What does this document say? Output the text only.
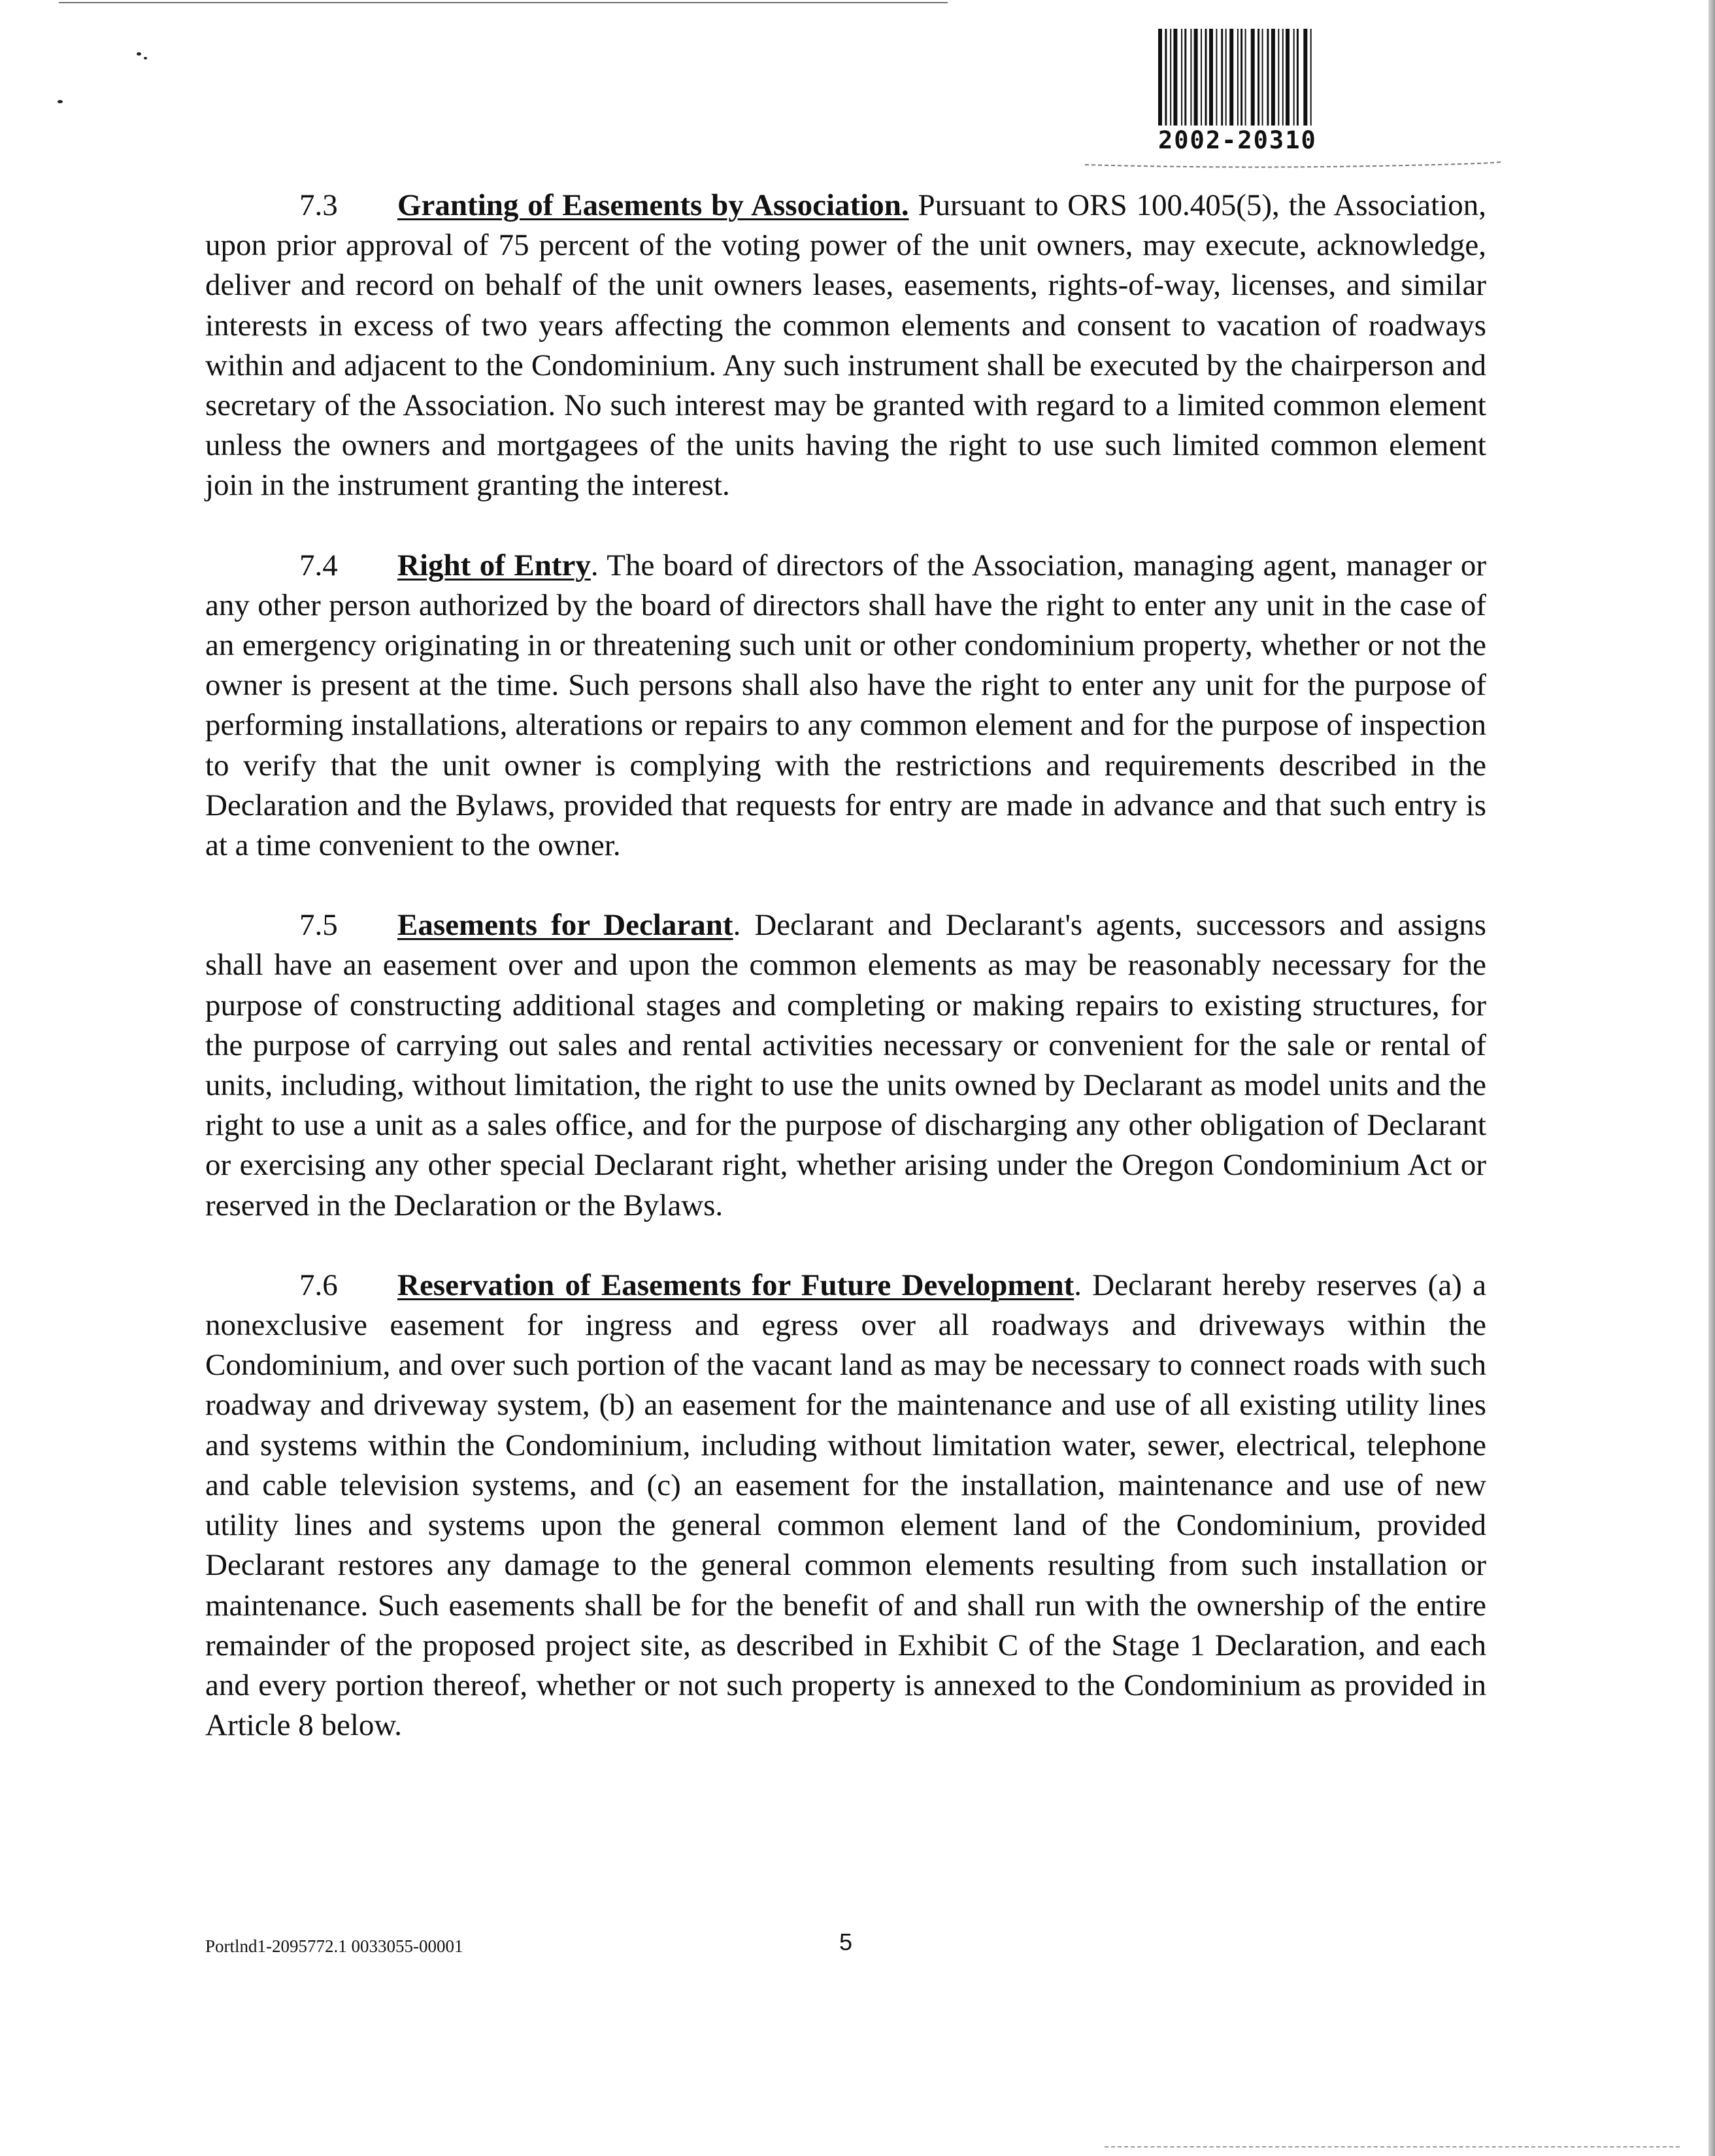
2002-20310

7.3 Granting of Easements by Association. Pursuant to ORS 100.405(5), the Association, upon prior approval of 75 percent of the voting power of the unit owners, may execute, acknowledge, deliver and record on behalf of the unit owners leases, easements, rights-of-way, licenses, and similar interests in excess of two years affecting the common elements and consent to vacation of roadways within and adjacent to the Condominium. Any such instrument shall be executed by the chairperson and secretary of the Association. No such interest may be granted with regard to a limited common element unless the owners and mortgagees of the units having the right to use such limited common element join in the instrument granting the interest.

7.4 Right of Entry. The board of directors of the Association, managing agent, manager or any other person authorized by the board of directors shall have the right to enter any unit in the case of an emergency originating in or threatening such unit or other condominium property, whether or not the owner is present at the time. Such persons shall also have the right to enter any unit for the purpose of performing installations, alterations or repairs to any common element and for the purpose of inspection to verify that the unit owner is complying with the restrictions and requirements described in the Declaration and the Bylaws, provided that requests for entry are made in advance and that such entry is at a time convenient to the owner.

7.5 Easements for Declarant. Declarant and Declarant's agents, successors and assigns shall have an easement over and upon the common elements as may be reasonably necessary for the purpose of constructing additional stages and completing or making repairs to existing structures, for the purpose of carrying out sales and rental activities necessary or convenient for the sale or rental of units, including, without limitation, the right to use the units owned by Declarant as model units and the right to use a unit as a sales office, and for the purpose of discharging any other obligation of Declarant or exercising any other special Declarant right, whether arising under the Oregon Condominium Act or reserved in the Declaration or the Bylaws.

7.6 Reservation of Easements for Future Development. Declarant hereby reserves (a) a nonexclusive easement for ingress and egress over all roadways and driveways within the Condominium, and over such portion of the vacant land as may be necessary to connect roads with such roadway and driveway system, (b) an easement for the maintenance and use of all existing utility lines and systems within the Condominium, including without limitation water, sewer, electrical, telephone and cable television systems, and (c) an easement for the installation, maintenance and use of new utility lines and systems upon the general common element land of the Condominium, provided Declarant restores any damage to the general common elements resulting from such installation or maintenance. Such easements shall be for the benefit of and shall run with the ownership of the entire remainder of the proposed project site, as described in Exhibit C of the Stage 1 Declaration, and each and every portion thereof, whether or not such property is annexed to the Condominium as provided in Article 8 below.

Portlnd1-2095772.1 0033055-00001	5
